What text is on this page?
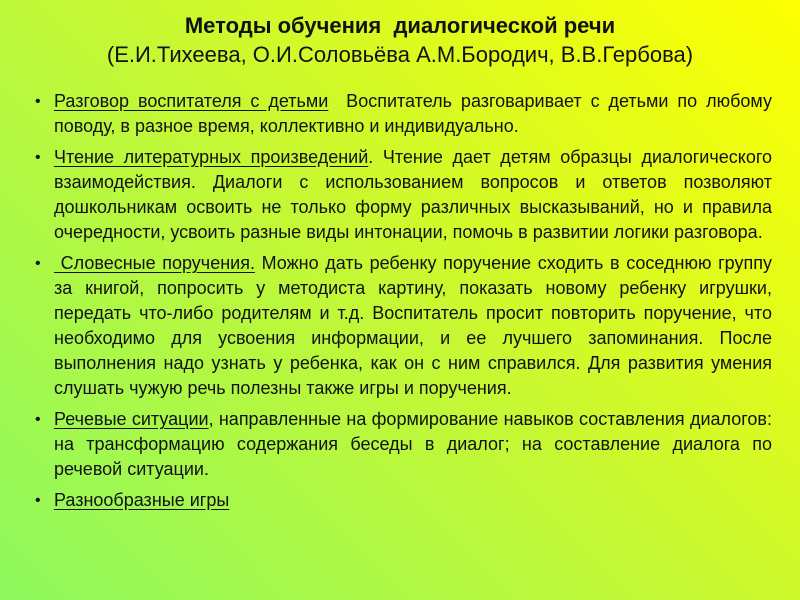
Методы обучения  диалогической речи
(Е.И.Тихеева, О.И.Соловьёва А.М.Бородич, В.В.Гербова)
• Разговор воспитателя с детьми  Воспитатель разговаривает с детьми по любому поводу, в разное время, коллективно и индивидуально.
• Чтение литературных произведений. Чтение дает детям образцы диалогического взаимодействия. Диалоги с использованием вопросов и ответов позволяют дошкольникам освоить не только форму различных высказываний, но и правила очередности, усвоить разные виды интонации, помочь в развитии логики разговора.
• Словесные поручения. Можно дать ребенку поручение сходить в соседнюю группу за книгой, попросить у методиста картину, показать новому ребенку игрушки, передать что-либо родителям и т.д. Воспитатель просит повторить поручение, что необходимо для усвоения информации, и ее лучшего запоминания. После выполнения надо узнать у ребенка, как он с ним справился. Для развития умения слушать чужую речь полезны также игры и поручения.
• Речевые ситуации, направленные на формирование навыков составления диалогов: на трансформацию содержания беседы в диалог; на составление диалога по речевой ситуации.
• Разнообразные игры
